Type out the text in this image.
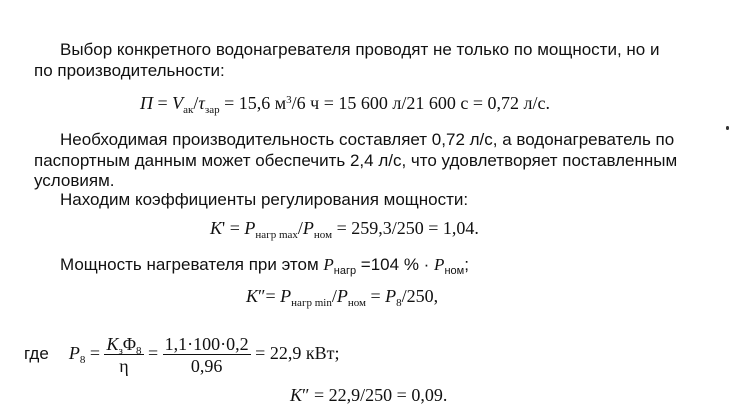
Выбор конкретного водонагревателя проводят не только по мощности, но и
по производительности:
$П = V_{ак}/\tau_{зар} = 15,6$ $м^3/6$ ч = 15 600 л/21 600 с = 0,72 л/с.
Необходимая производительность составляет 0,72 л/с, а водонагреватель по
паспортным данным может обеспечить 2,4 л/с, что удовлетворяет поставленным
условиям.
Находим коэффициенты регулирования мощности:
$K' = P_{нагр max}/P_{ном} = 259,3/250 = 1,04$.
Мощность нагревателя при этом $P_{нагр} =104$ % · $P_{ном}$;
$K''= P_{нагр min}/P_{ном} = P_8/250$,
где $P_8 = \frac{K_з\Phi_8}{\eta} = \frac{1,1\cdot 100\cdot 0,2}{0,96} = 22,9$ кВт;
K″ = 22,9/250 = 0,09.
